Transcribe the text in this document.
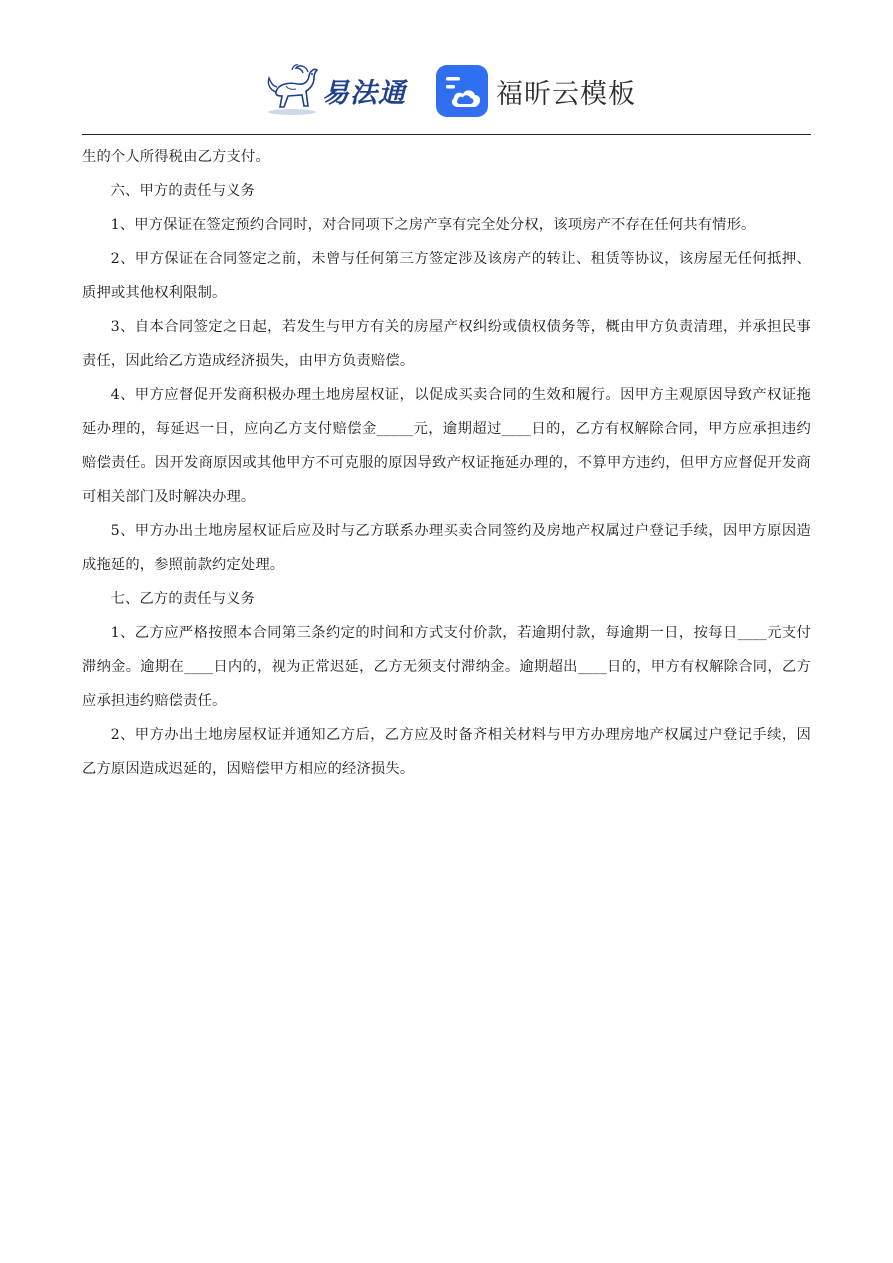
易法通	福昕云模板

生的个人所得税由乙方支付。

六、甲方的责任与义务

1、甲方保证在签定预约合同时，对合同项下之房产享有完全处分权，该项房产不存在任何共有情形。

2、甲方保证在合同签定之前，未曾与任何第三方签定涉及该房产的转让、租赁等协议，该房屋无任何抵押、质押或其他权利限制。

3、自本合同签定之日起，若发生与甲方有关的房屋产权纠纷或债权债务等，概由甲方负责清理，并承担民事责任，因此给乙方造成经济损失，由甲方负责赔偿。

4、甲方应督促开发商积极办理土地房屋权证，以促成买卖合同的生效和履行。因甲方主观原因导致产权证拖延办理的，每延迟一日，应向乙方支付赔偿金_____元，逾期超过____日的，乙方有权解除合同，甲方应承担违约赔偿责任。因开发商原因或其他甲方不可克服的原因导致产权证拖延办理的，不算甲方违约，但甲方应督促开发商可相关部门及时解决办理。

5、甲方办出土地房屋权证后应及时与乙方联系办理买卖合同签约及房地产权属过户登记手续，因甲方原因造成拖延的，参照前款约定处理。

七、乙方的责任与义务

1、乙方应严格按照本合同第三条约定的时间和方式支付价款，若逾期付款，每逾期一日，按每日____元支付滞纳金。逾期在____日内的，视为正常迟延，乙方无须支付滞纳金。逾期超出____日的，甲方有权解除合同，乙方应承担违约赔偿责任。

2、甲方办出土地房屋权证并通知乙方后，乙方应及时备齐相关材料与甲方办理房地产权属过户登记手续，因乙方原因造成迟延的，因赔偿甲方相应的经济损失。
